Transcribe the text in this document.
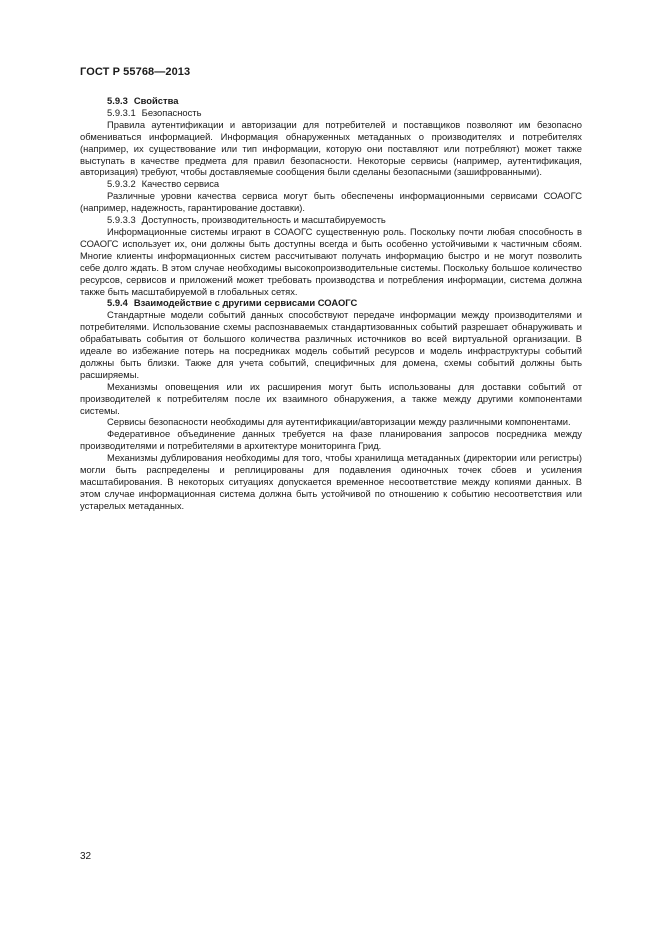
ГОСТ Р 55768—2013

5.9.3 Свойства

5.9.3.1 Безопасность

Правила аутентификации и авторизации для потребителей и поставщиков позволяют им безопасно обмениваться информацией. Информация обнаруженных метаданных о производителях и потребителях (например, их существование или тип информации, которую они поставляют или потребляют) может также выступать в качестве предмета для правил безопасности. Некоторые сервисы (например, аутентификация, авторизация) требуют, чтобы доставляемые сообщения были сделаны безопасными (зашифрованными).

5.9.3.2 Качество сервиса

Различные уровни качества сервиса могут быть обеспечены информационными сервисами СОАОГС (например, надежность, гарантирование доставки).

5.9.3.3 Доступность, производительность и масштабируемость

Информационные системы играют в СОАОГС существенную роль. Поскольку почти любая способность в СОАОГС использует их, они должны быть доступны всегда и быть особенно устойчивыми к частичным сбоям. Многие клиенты информационных систем рассчитывают получать информацию быстро и не могут позволить себе долго ждать. В этом случае необходимы высокопроизводительные системы. Поскольку большое количество ресурсов, сервисов и приложений может требовать производства и потребления информации, система должна также быть масштабируемой в глобальных сетях.

5.9.4 Взаимодействие с другими сервисами СОАОГС

Стандартные модели событий данных способствуют передаче информации между производителями и потребителями. Использование схемы распознаваемых стандартизованных событий разрешает обнаруживать и обрабатывать события от большого количества различных источников во всей виртуальной организации. В идеале во избежание потерь на посредниках модель событий ресурсов и модель инфраструктуры событий должны быть близки. Также для учета событий, специфичных для домена, схемы событий должны быть расширяемы.

Механизмы оповещения или их расширения могут быть использованы для доставки событий от производителей к потребителям после их взаимного обнаружения, а также между другими компонентами системы.

Сервисы безопасности необходимы для аутентификации/авторизации между различными компонентами.

Федеративное объединение данных требуется на фазе планирования запросов посредника между производителями и потребителями в архитектуре мониторинга Грид.

Механизмы дублирования необходимы для того, чтобы хранилища метаданных (директории или регистры) могли быть распределены и реплицированы для подавления одиночных точек сбоев и усиления масштабирования. В некоторых ситуациях допускается временное несоответствие между копиями данных. В этом случае информационная система должна быть устойчивой по отношению к событию несоответствия или устарелых метаданных.

32
